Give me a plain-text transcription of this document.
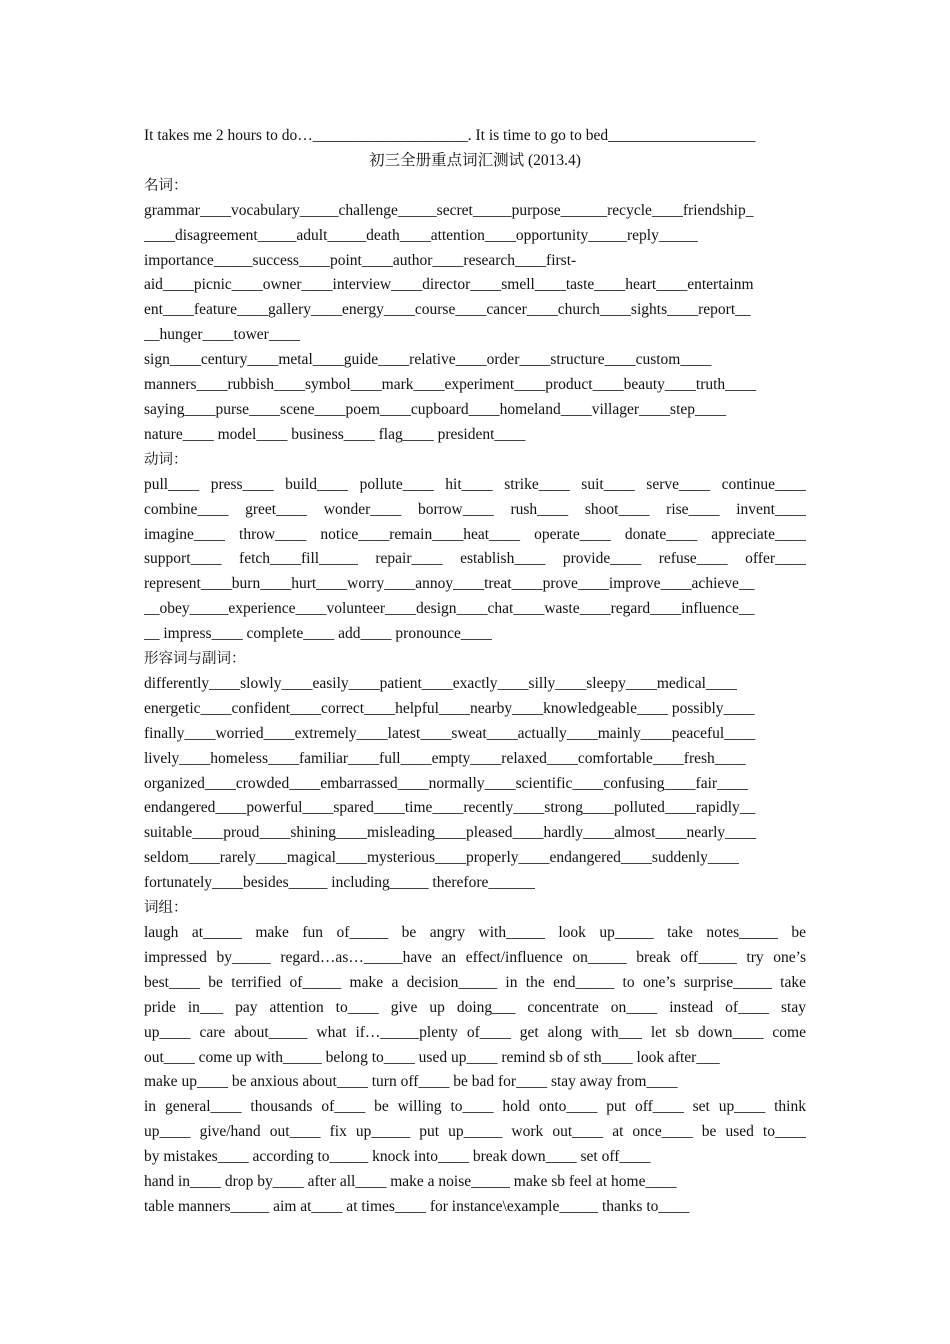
It takes me 2 hours to do…____________________. It is time to go to bed___________________
初三全册重点词汇测试 (2013.4)
名词：
grammar____vocabulary_____challenge_____secret_____purpose______recycle____friendship_
____disagreement_____adult_____death____attention____opportunity_____reply_____
importance_____success____point____author____research____first-
aid____picnic____owner____interview____director____smell____taste____heart____entertainm
ent____feature____gallery____energy____course____cancer____church____sights____report__
__hunger____tower____
sign____century____metal____guide____relative____order____structure____custom____
manners____rubbish____symbol____mark____experiment____product____beauty____truth____
saying____purse____scene____poem____cupboard____homeland____villager____step____
nature____ model____ business____ flag____ president____
动词：
pull____ press____ build____ pollute____ hit____ strike____ suit____ serve____ continue____
combine____ greet____ wonder____ borrow____ rush____ shoot____ rise____ invent____
imagine____ throw____ notice____remain____heat____ operate____ donate____ appreciate____
support____ fetch____fill_____ repair____ establish____ provide____ refuse____ offer____
represent____burn____hurt____worry____annoy____treat____prove____improve____achieve__
__obey_____experience____volunteer____design____chat____waste____regard____influence__
__ impress____ complete____ add____ pronounce____
形容词与副词：
differently____slowly____easily____patient____exactly____silly____sleepy____medical____
energetic____confident____correct____helpful____nearby____knowledgeable____ possibly____
finally____worried____extremely____latest____sweat____actually____mainly____peaceful____
lively____homeless____familiar____full____empty____relaxed____comfortable____fresh____
organized____crowded____embarrassed____normally____scientific____confusing____fair____
endangered____powerful____spared____time____recently____strong____polluted____rapidly__
suitable____proud____shining____misleading____pleased____hardly____almost____nearly____
seldom____rarely____magical____mysterious____properly____endangered____suddenly____
fortunately____besides_____ including_____ therefore______
词组：
laugh at_____ make fun of_____ be angry with_____ look up_____ take notes_____ be
impressed by_____ regard…as…_____have an effect/influence on_____ break off_____ try one’s
best____ be terrified of_____ make a decision_____ in the end_____ to one’s surprise_____ take
pride in___ pay attention to____ give up doing___ concentrate on____ instead of____ stay
up____ care about_____ what if…_____plenty of____ get along with___ let sb down____ come
out____ come up with_____ belong to____ used up____ remind sb of sth____ look after___
make up____ be anxious about____ turn off____ be bad for____ stay away from____
in general____ thousands of____ be willing to____ hold onto____ put off____ set up____ think
up____ give/hand out____ fix up_____ put up_____ work out____ at once____ be used to____
by mistakes____ according to_____ knock into____ break down____ set off____
hand in____ drop by____ after all____ make a noise_____ make sb feel at home____
table manners_____ aim at____ at times____ for instance\example_____ thanks to____
